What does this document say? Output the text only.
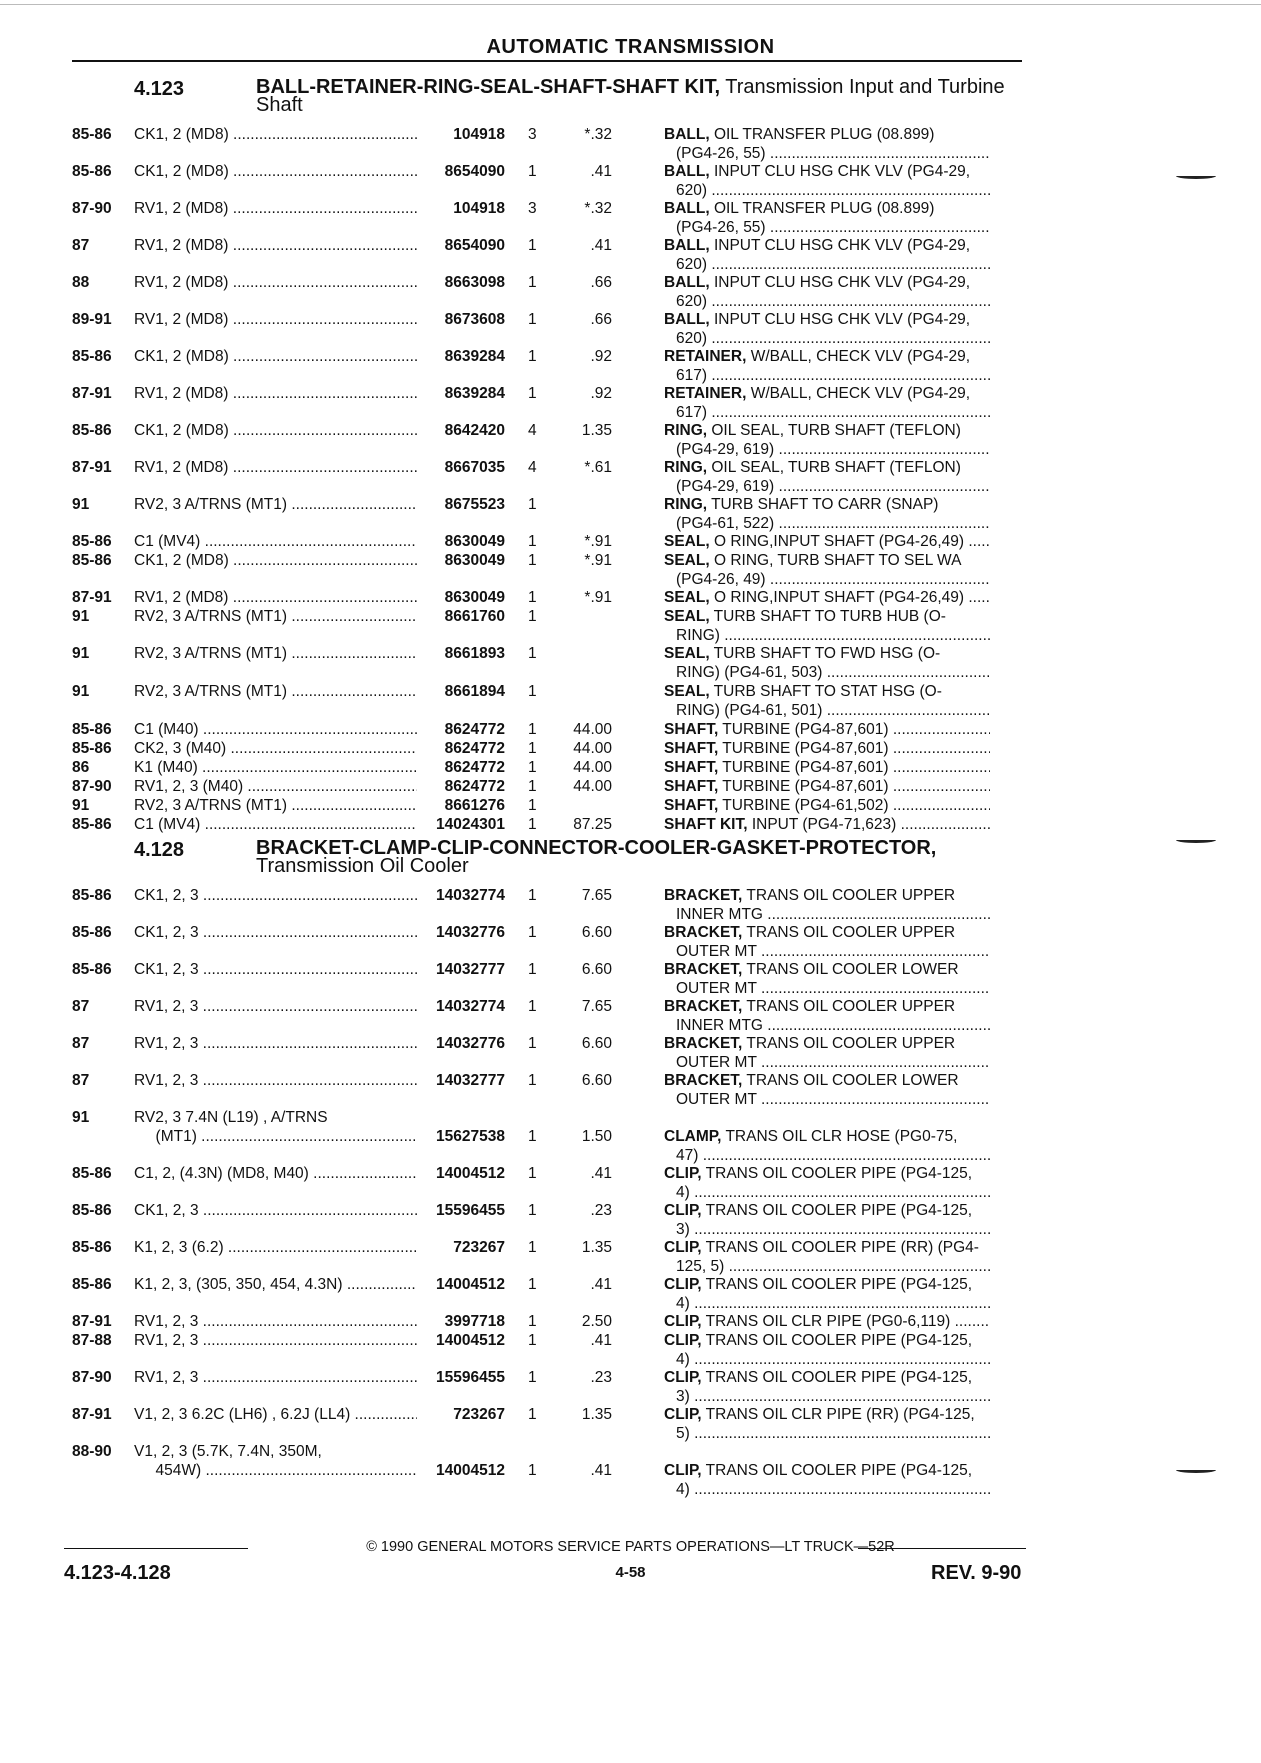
AUTOMATIC TRANSMISSION
4.123	BALL-RETAINER-RING-SEAL-SHAFT-SHAFT KIT, Transmission Input and Turbine Shaft
85-86	CK1, 2 (MD8) .....	104918 3	*.32	BALL, OIL TRANSFER PLUG (08.899)
(PG4-26, 55) .....
85-86	CK1, 2 (MD8) .....	8654090 1	.41	BALL, INPUT CLU HSG CHK VLV (PG4-29,
620) .....
87-90	RV1, 2 (MD8) .....	104918 3	*.32	BALL, OIL TRANSFER PLUG (08.899)
(PG4-26, 55) .....
87	RV1, 2 (MD8) .....	8654090 1	.41	BALL, INPUT CLU HSG CHK VLV (PG4-29,
620) .....
88	RV1, 2 (MD8) .....	8663098 1	.66	BALL, INPUT CLU HSG CHK VLV (PG4-29,
620) .....
89-91	RV1, 2 (MD8) .....	8673608 1	.66	BALL, INPUT CLU HSG CHK VLV (PG4-29,
620) .....
85-86	CK1, 2 (MD8) .....	8639284 1	.92	RETAINER, W/BALL, CHECK VLV (PG4-29,
617) .....
87-91	RV1, 2 (MD8) .....	8639284 1	.92	RETAINER, W/BALL, CHECK VLV (PG4-29,
617) .....
85-86	CK1, 2 (MD8) .....	8642420 4	1.35	RING, OIL SEAL, TURB SHAFT (TEFLON)
(PG4-29, 619) .....
87-91	RV1, 2 (MD8) .....	8667035 4	*.61	RING, OIL SEAL, TURB SHAFT (TEFLON)
(PG4-29, 619) .....
91	RV2, 3 A/TRNS (MT1) .....	8675523 1	RING, TURB SHAFT TO CARR (SNAP)
(PG4-61, 522) .....
85-86	C1 (MV4) .....	8630049 1	*.91	SEAL, O RING,INPUT SHAFT (PG4-26,49) .....
85-86	CK1, 2 (MD8) .....	8630049 1	*.91	SEAL, O RING, TURB SHAFT TO SEL WA
(PG4-26, 49) .....
87-91	RV1, 2 (MD8) .....	8630049 1	*.91	SEAL, O RING,INPUT SHAFT (PG4-26,49) .....
91	RV2, 3 A/TRNS (MT1) .....	8661760 1	SEAL, TURB SHAFT TO TURB HUB (O-
RING) .....
91	RV2, 3 A/TRNS (MT1) .....	8661893 1	SEAL, TURB SHAFT TO FWD HSG (O-
RING) (PG4-61, 503) .....
91	RV2, 3 A/TRNS (MT1) .....	8661894 1	SEAL, TURB SHAFT TO STAT HSG (O-
RING) (PG4-61, 501) .....
85-86	C1 (M40) .....	8624772 1	44.00	SHAFT, TURBINE (PG4-87,601) .....
85-86	CK2, 3 (M40) .....	8624772 1	44.00	SHAFT, TURBINE (PG4-87,601) .....
86	K1 (M40) .....	8624772 1	44.00	SHAFT, TURBINE (PG4-87,601) .....
87-90	RV1, 2, 3 (M40) .....	8624772 1	44.00	SHAFT, TURBINE (PG4-87,601) .....
91	RV2, 3 A/TRNS (MT1) .....	8661276 1	SHAFT, TURBINE (PG4-61,502) .....
85-86	C1 (MV4) .....	14024301 1	87.25	SHAFT KIT, INPUT (PG4-71,623) .....
4.128	BRACKET-CLAMP-CLIP-CONNECTOR-COOLER-GASKET-PROTECTOR, Transmission Oil Cooler
85-86	CK1, 2, 3 .....	14032774 1	7.65	BRACKET, TRANS OIL COOLER UPPER
INNER MTG .....
85-86	CK1, 2, 3 .....	14032776 1	6.60	BRACKET, TRANS OIL COOLER UPPER
OUTER MT .....
85-86	CK1, 2, 3 .....	14032777 1	6.60	BRACKET, TRANS OIL COOLER LOWER
OUTER MT .....
87	RV1, 2, 3 .....	14032774 1	7.65	BRACKET, TRANS OIL COOLER UPPER
INNER MTG .....
87	RV1, 2, 3 .....	14032776 1	6.60	BRACKET, TRANS OIL COOLER UPPER
OUTER MT .....
87	RV1, 2, 3 .....	14032777 1	6.60	BRACKET, TRANS OIL COOLER LOWER
OUTER MT .....
91	RV2, 3 7.4N (L19) , A/TRNS
(MT1) .....	15627538 1	1.50	CLAMP, TRANS OIL CLR HOSE (PG0-75,
47) .....
85-86	C1, 2, (4.3N) (MD8, M40) .....	14004512 1	.41	CLIP, TRANS OIL COOLER PIPE (PG4-125,
4) .....
85-86	CK1, 2, 3 .....	15596455 1	.23	CLIP, TRANS OIL COOLER PIPE (PG4-125,
3) .....
85-86	K1, 2, 3 (6.2) .....	723267 1	1.35	CLIP, TRANS OIL COOLER PIPE (RR) (PG4-
125, 5) .....
85-86	K1, 2, 3, (305, 350, 454, 4.3N) .....	14004512 1	.41	CLIP, TRANS OIL COOLER PIPE (PG4-125,
4) .....
87-91	RV1, 2, 3 .....	3997718 1	2.50	CLIP, TRANS OIL CLR PIPE (PG0-6,119) .....
87-88	RV1, 2, 3 .....	14004512 1	.41	CLIP, TRANS OIL COOLER PIPE (PG4-125,
4) .....
87-90	RV1, 2, 3 .....	15596455 1	.23	CLIP, TRANS OIL COOLER PIPE (PG4-125,
3) .....
87-91	V1, 2, 3 6.2C (LH6) , 6.2J (LL4) .....	723267 1	1.35	CLIP, TRANS OIL CLR PIPE (RR) (PG4-125,
5) .....
88-90	V1, 2, 3 (5.7K, 7.4N, 350M,
454W) .....	14004512 1	.41	CLIP, TRANS OIL COOLER PIPE (PG4-125,
4) .....
© 1990 GENERAL MOTORS SERVICE PARTS OPERATIONS—LT TRUCK—52R
4.123-4.128	4-58	REV. 9-90
